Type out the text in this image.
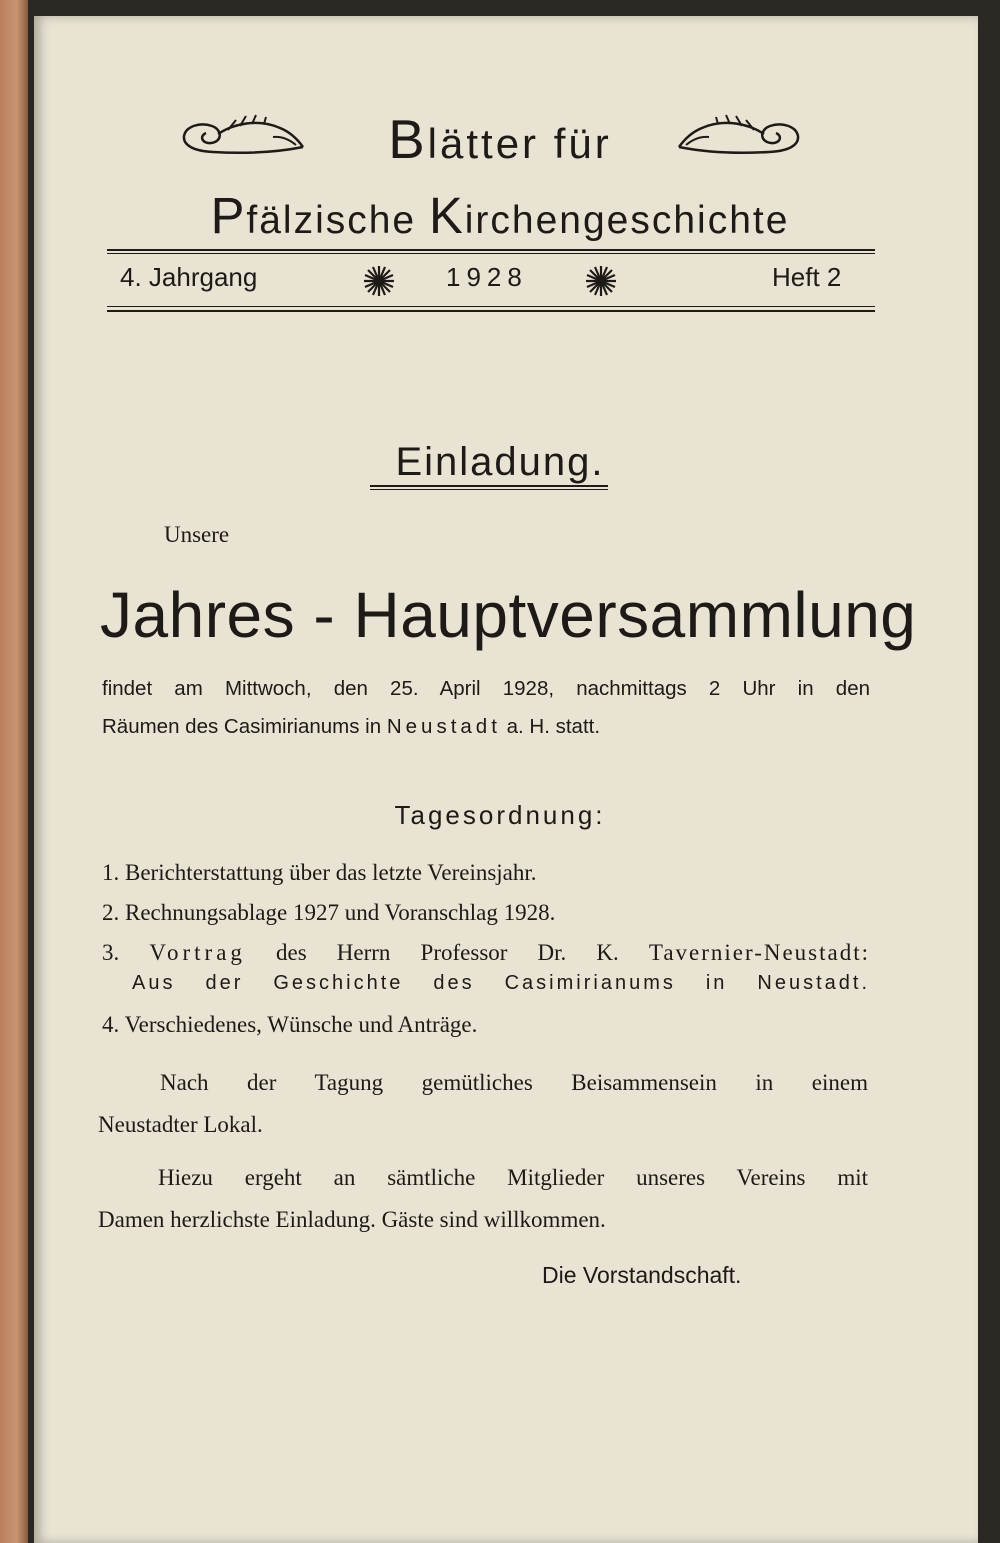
Blätter für
Pfälzische Kirchengeschichte
4. Jahrgang	1928	Heft 2
Einladung.
Unsere
Jahres - Hauptversammlung
findet am Mittwoch, den 25. April 1928, nachmittags 2 Uhr in den
Räumen des Casimirianums in Neustadt a. H. statt.
Tagesordnung:
1. Berichterstattung über das letzte Vereinsjahr.
2. Rechnungsablage 1927 und Voranschlag 1928.
3. Vortrag des Herrn Professor Dr. K. Tavernier-Neustadt:
Aus der Geschichte des Casimirianums in Neustadt.
4. Verschiedenes, Wünsche und Anträge.
Nach der Tagung gemütliches Beisammensein in einem
Neustadter Lokal.
Hiezu ergeht an sämtliche Mitglieder unseres Vereins mit
Damen herzlichste Einladung. Gäste sind willkommen.
Die Vorstandschaft.
